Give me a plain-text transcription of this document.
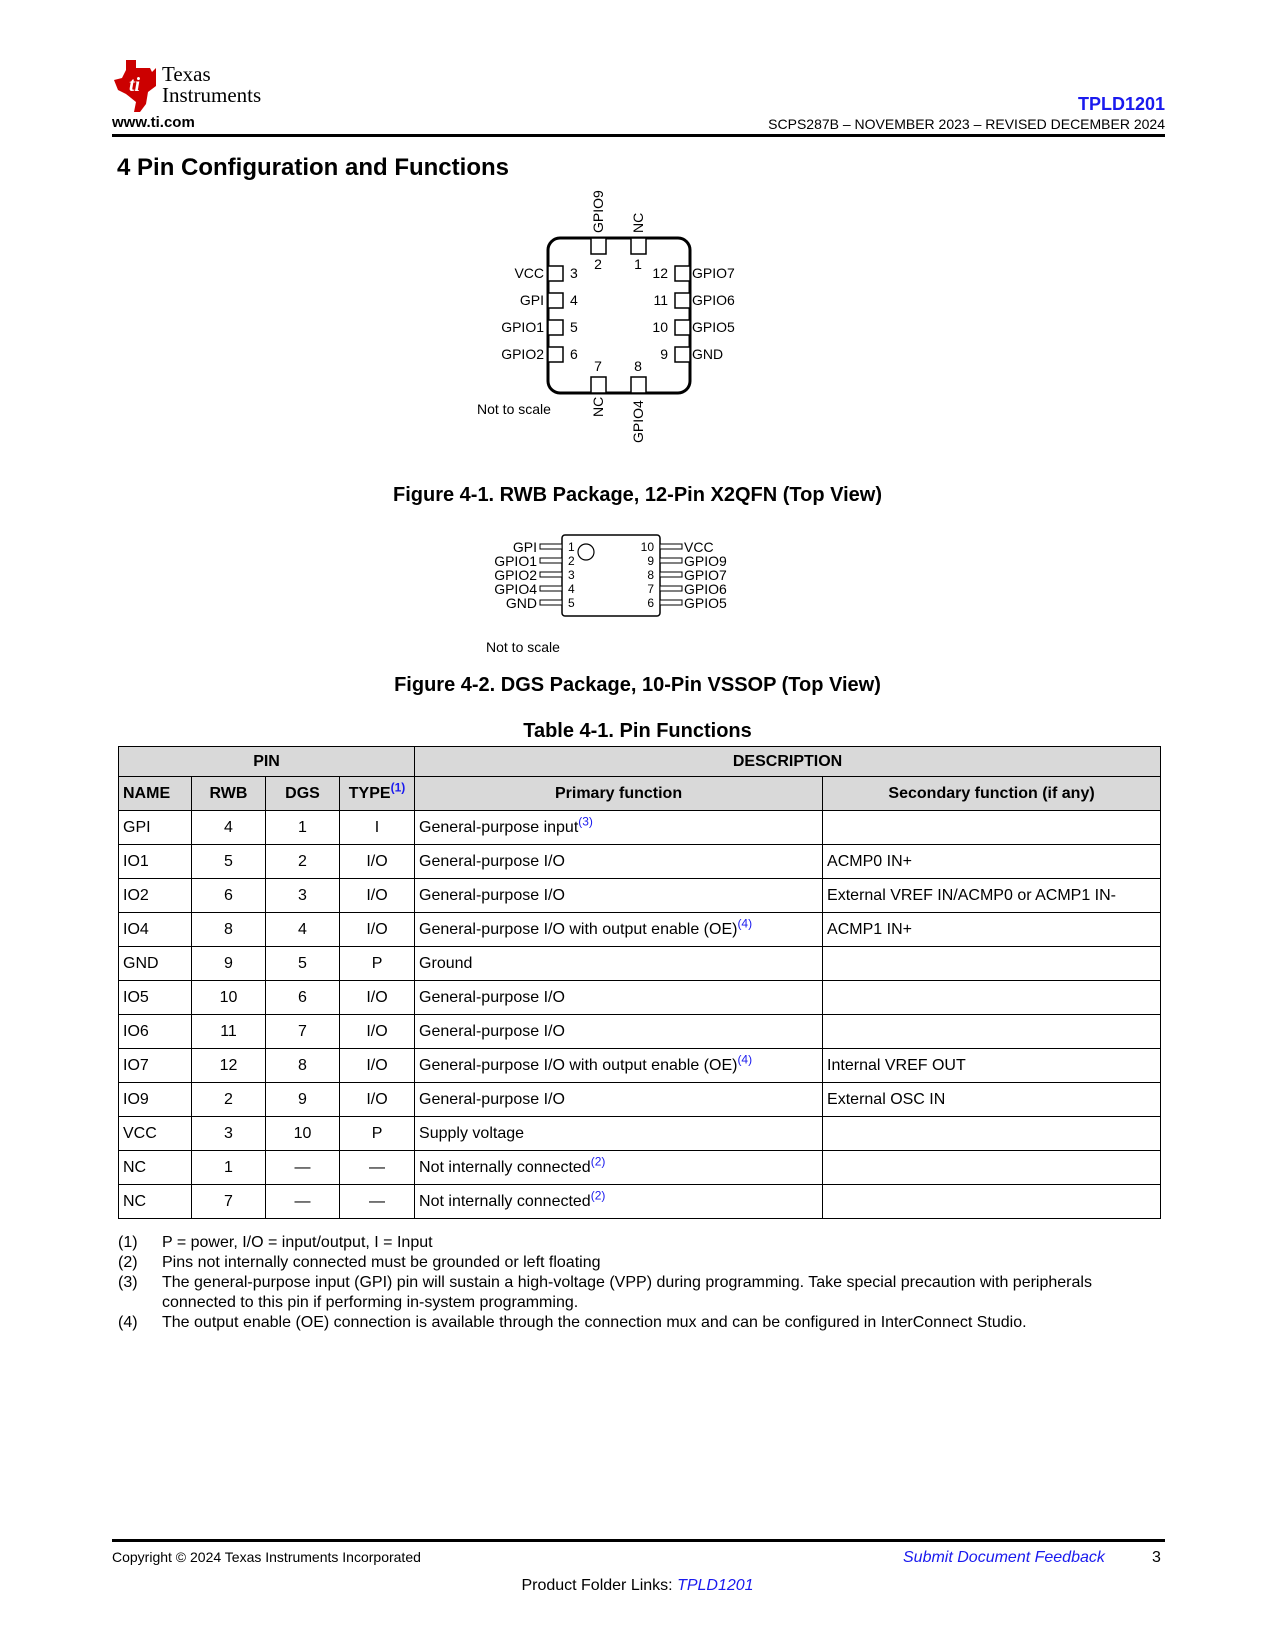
ti Texas
Instruments
www.ti.com
TPLD1201
SCPS287B – NOVEMBER 2023 – REVISED DECEMBER 2024
4 Pin Configuration and Functions
2
GPIO9
1
NC
3
VCC
4
GPI
5
GPIO1
6
GPIO2
12 GPIO7
11 GPIO6
10 GPIO5
9 GND
7
NC
8
GPIO4
Not to scale
Figure 4-1. RWB Package, 12-Pin X2QFN (Top View)
1
GPI
2
GPIO1
3
GPIO2
4
GPIO4
5
GND
10 VCC
9 GPIO9
8 GPIO7
7 GPIO6
6 GPIO5
Not to scale
Figure 4-2. DGS Package, 10-Pin VSSOP (Top View)
Table 4-1. Pin Functions
PIN				DESCRIPTION	
NAME	RWB	DGS	TYPE$^{(1)}$	Primary function	Secondary function (if any)
GPI	4	1	I	General-purpose input$^{(3)}$	
IO1	5	2	I/O	General-purpose I/O	ACMP0 IN+
IO2	6	3	I/O	General-purpose I/O	External VREF IN/ACMP0 or ACMP1 IN-
IO4	8	4	I/O	General-purpose I/O with output enable (OE)$^{(4)}$	ACMP1 IN+
GND	9	5	P	Ground	
IO5	10	6	I/O	General-purpose I/O	
IO6	11	7	I/O	General-purpose I/O	
IO7	12	8	I/O	General-purpose I/O with output enable (OE)$^{(4)}$	Internal VREF OUT
IO9	2	9	I/O	General-purpose I/O	External OSC IN
VCC	3	10	P	Supply voltage	
NC	1	—	—	Not internally connected$^{(2)}$	
NC	7	—	—	Not internally connected$^{(2)}$	
(1)	P = power, I/O = input/output, I = Input
(2)	Pins not internally connected must be grounded or left floating
(3)	The general-purpose input (GPI) pin will sustain a high-voltage (VPP) during programming. Take special precaution with peripherals connected to this pin if performing in-system programming.
(4)	The output enable (OE) connection is available through the connection mux and can be configured in InterConnect Studio.
Copyright © 2024 Texas Instruments Incorporated	Submit Document Feedback	3
Product Folder Links: TPLD1201
